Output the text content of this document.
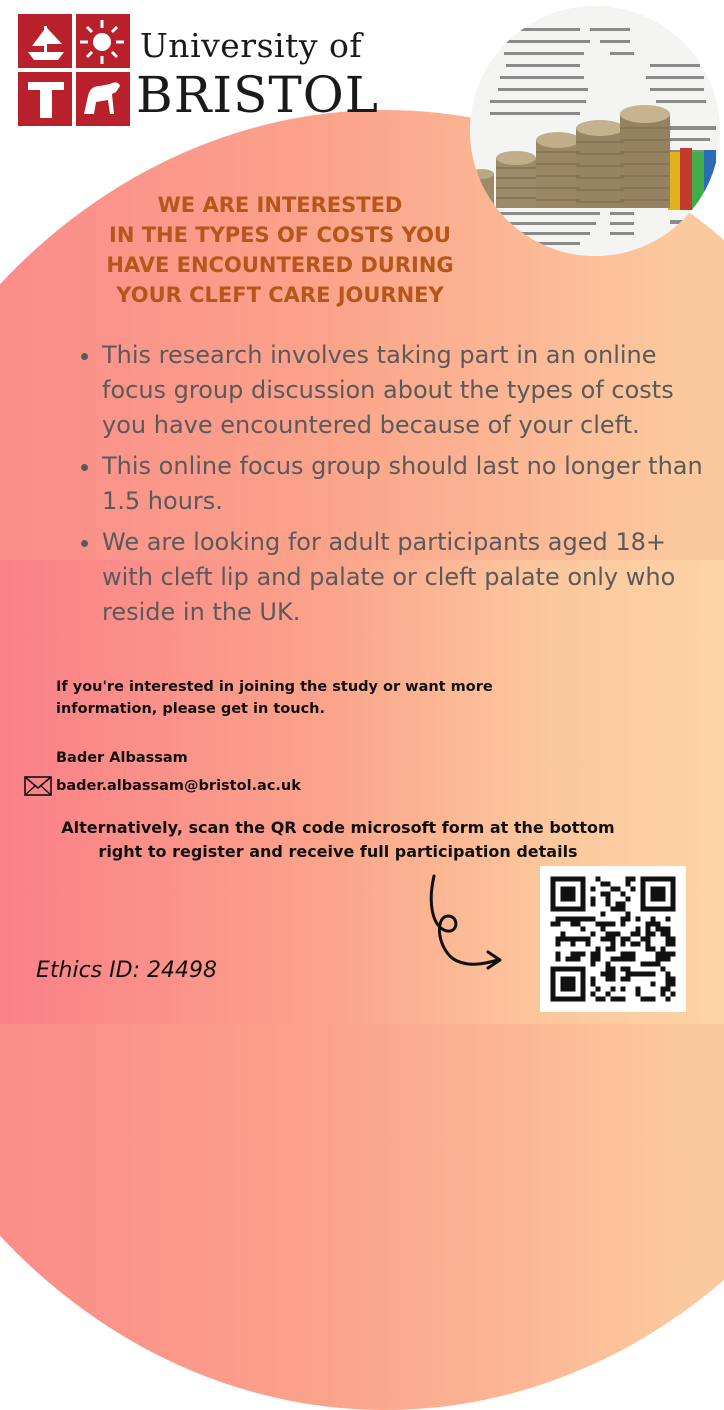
University of
BRISTOL

WE ARE INTERESTED
IN THE TYPES OF COSTS YOU
HAVE ENCOUNTERED DURING
YOUR CLEFT CARE JOURNEY

• This research involves taking part in an online focus group discussion about the types of costs you have encountered because of your cleft.
• This online focus group should last no longer than 1.5 hours.
• We are looking for adult participants aged 18+ with cleft lip and palate or cleft palate only who reside in the UK.

If you're interested in joining the study or want more information, please get in touch.

Bader Albassam
bader.albassam@bristol.ac.uk

Alternatively, scan the QR code microsoft form at the bottom
right to register and receive full participation details

Ethics ID: 24498
